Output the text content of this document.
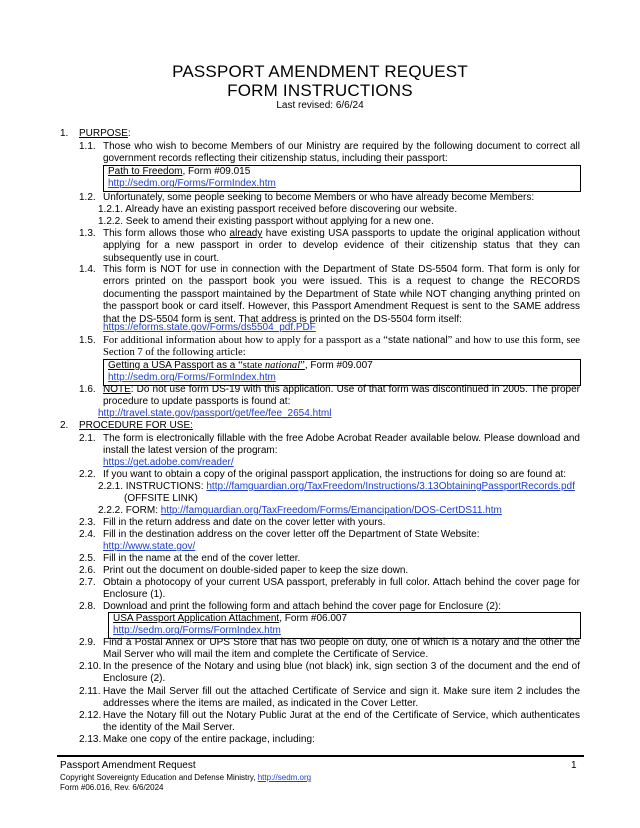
PASSPORT AMENDMENT REQUEST
FORM INSTRUCTIONS
Last revised: 6/6/24
1. PURPOSE:
1.1. Those who wish to become Members of our Ministry are required by the following document to correct all government records reflecting their citizenship status, including their passport:
Path to Freedom, Form #09.015
http://sedm.org/Forms/FormIndex.htm
1.2. Unfortunately, some people seeking to become Members or who have already become Members:
1.2.1. Already have an existing passport received before discovering our website.
1.2.2. Seek to amend their existing passport without applying for a new one.
1.3. This form allows those who already have existing USA passports to update the original application without applying for a new passport in order to develop evidence of their citizenship status that they can subsequently use in court.
1.4. This form is NOT for use in connection with the Department of State DS-5504 form. That form is only for errors printed on the passport book you were issued. This is a request to change the RECORDS documenting the passport maintained by the Department of State while NOT changing anything printed on the passport book or card itself. However, this Passport Amendment Request is sent to the SAME address that the DS-5504 form is sent. That address is printed on the DS-5504 form itself:
https://eforms.state.gov/Forms/ds5504_pdf.PDF
1.5. For additional information about how to apply for a passport as a “state national” and how to use this form, see Section 7 of the following article:
Getting a USA Passport as a “state national”, Form #09.007
http://sedm.org/Forms/FormIndex.htm
1.6. NOTE: Do not use form DS-19 with this application. Use of that form was discontinued in 2005. The proper procedure to update passports is found at:
http://travel.state.gov/passport/get/fee/fee_2654.html
2. PROCEDURE FOR USE:
2.1. The form is electronically fillable with the free Adobe Acrobat Reader available below. Please download and install the latest version of the program:
https://get.adobe.com/reader/
2.2. If you want to obtain a copy of the original passport application, the instructions for doing so are found at:
2.2.1. INSTRUCTIONS: http://famguardian.org/TaxFreedom/Instructions/3.13ObtainingPassportRecords.pdf
(OFFSITE LINK)
2.2.2. FORM: http://famguardian.org/TaxFreedom/Forms/Emancipation/DOS-CertDS11.htm
2.3. Fill in the return address and date on the cover letter with yours.
2.4. Fill in the destination address on the cover letter off the Department of State Website:
http://www.state.gov/
2.5. Fill in the name at the end of the cover letter.
2.6. Print out the document on double-sided paper to keep the size down.
2.7. Obtain a photocopy of your current USA passport, preferably in full color. Attach behind the cover page for Enclosure (1).
2.8. Download and print the following form and attach behind the cover page for Enclosure (2):
USA Passport Application Attachment, Form #06.007
http://sedm.org/Forms/FormIndex.htm
2.9. Find a Postal Annex or UPS Store that has two people on duty, one of which is a notary and the other the Mail Server who will mail the item and complete the Certificate of Service.
2.10. In the presence of the Notary and using blue (not black) ink, sign section 3 of the document and the end of Enclosure (2).
2.11. Have the Mail Server fill out the attached Certificate of Service and sign it. Make sure item 2 includes the addresses where the items are mailed, as indicated in the Cover Letter.
2.12. Have the Notary fill out the Notary Public Jurat at the end of the Certificate of Service, which authenticates the identity of the Mail Server.
2.13. Make one copy of the entire package, including:
Passport Amendment Request	1
Copyright Sovereignty Education and Defense Ministry, http://sedm.org
Form #06.016, Rev. 6/6/2024
